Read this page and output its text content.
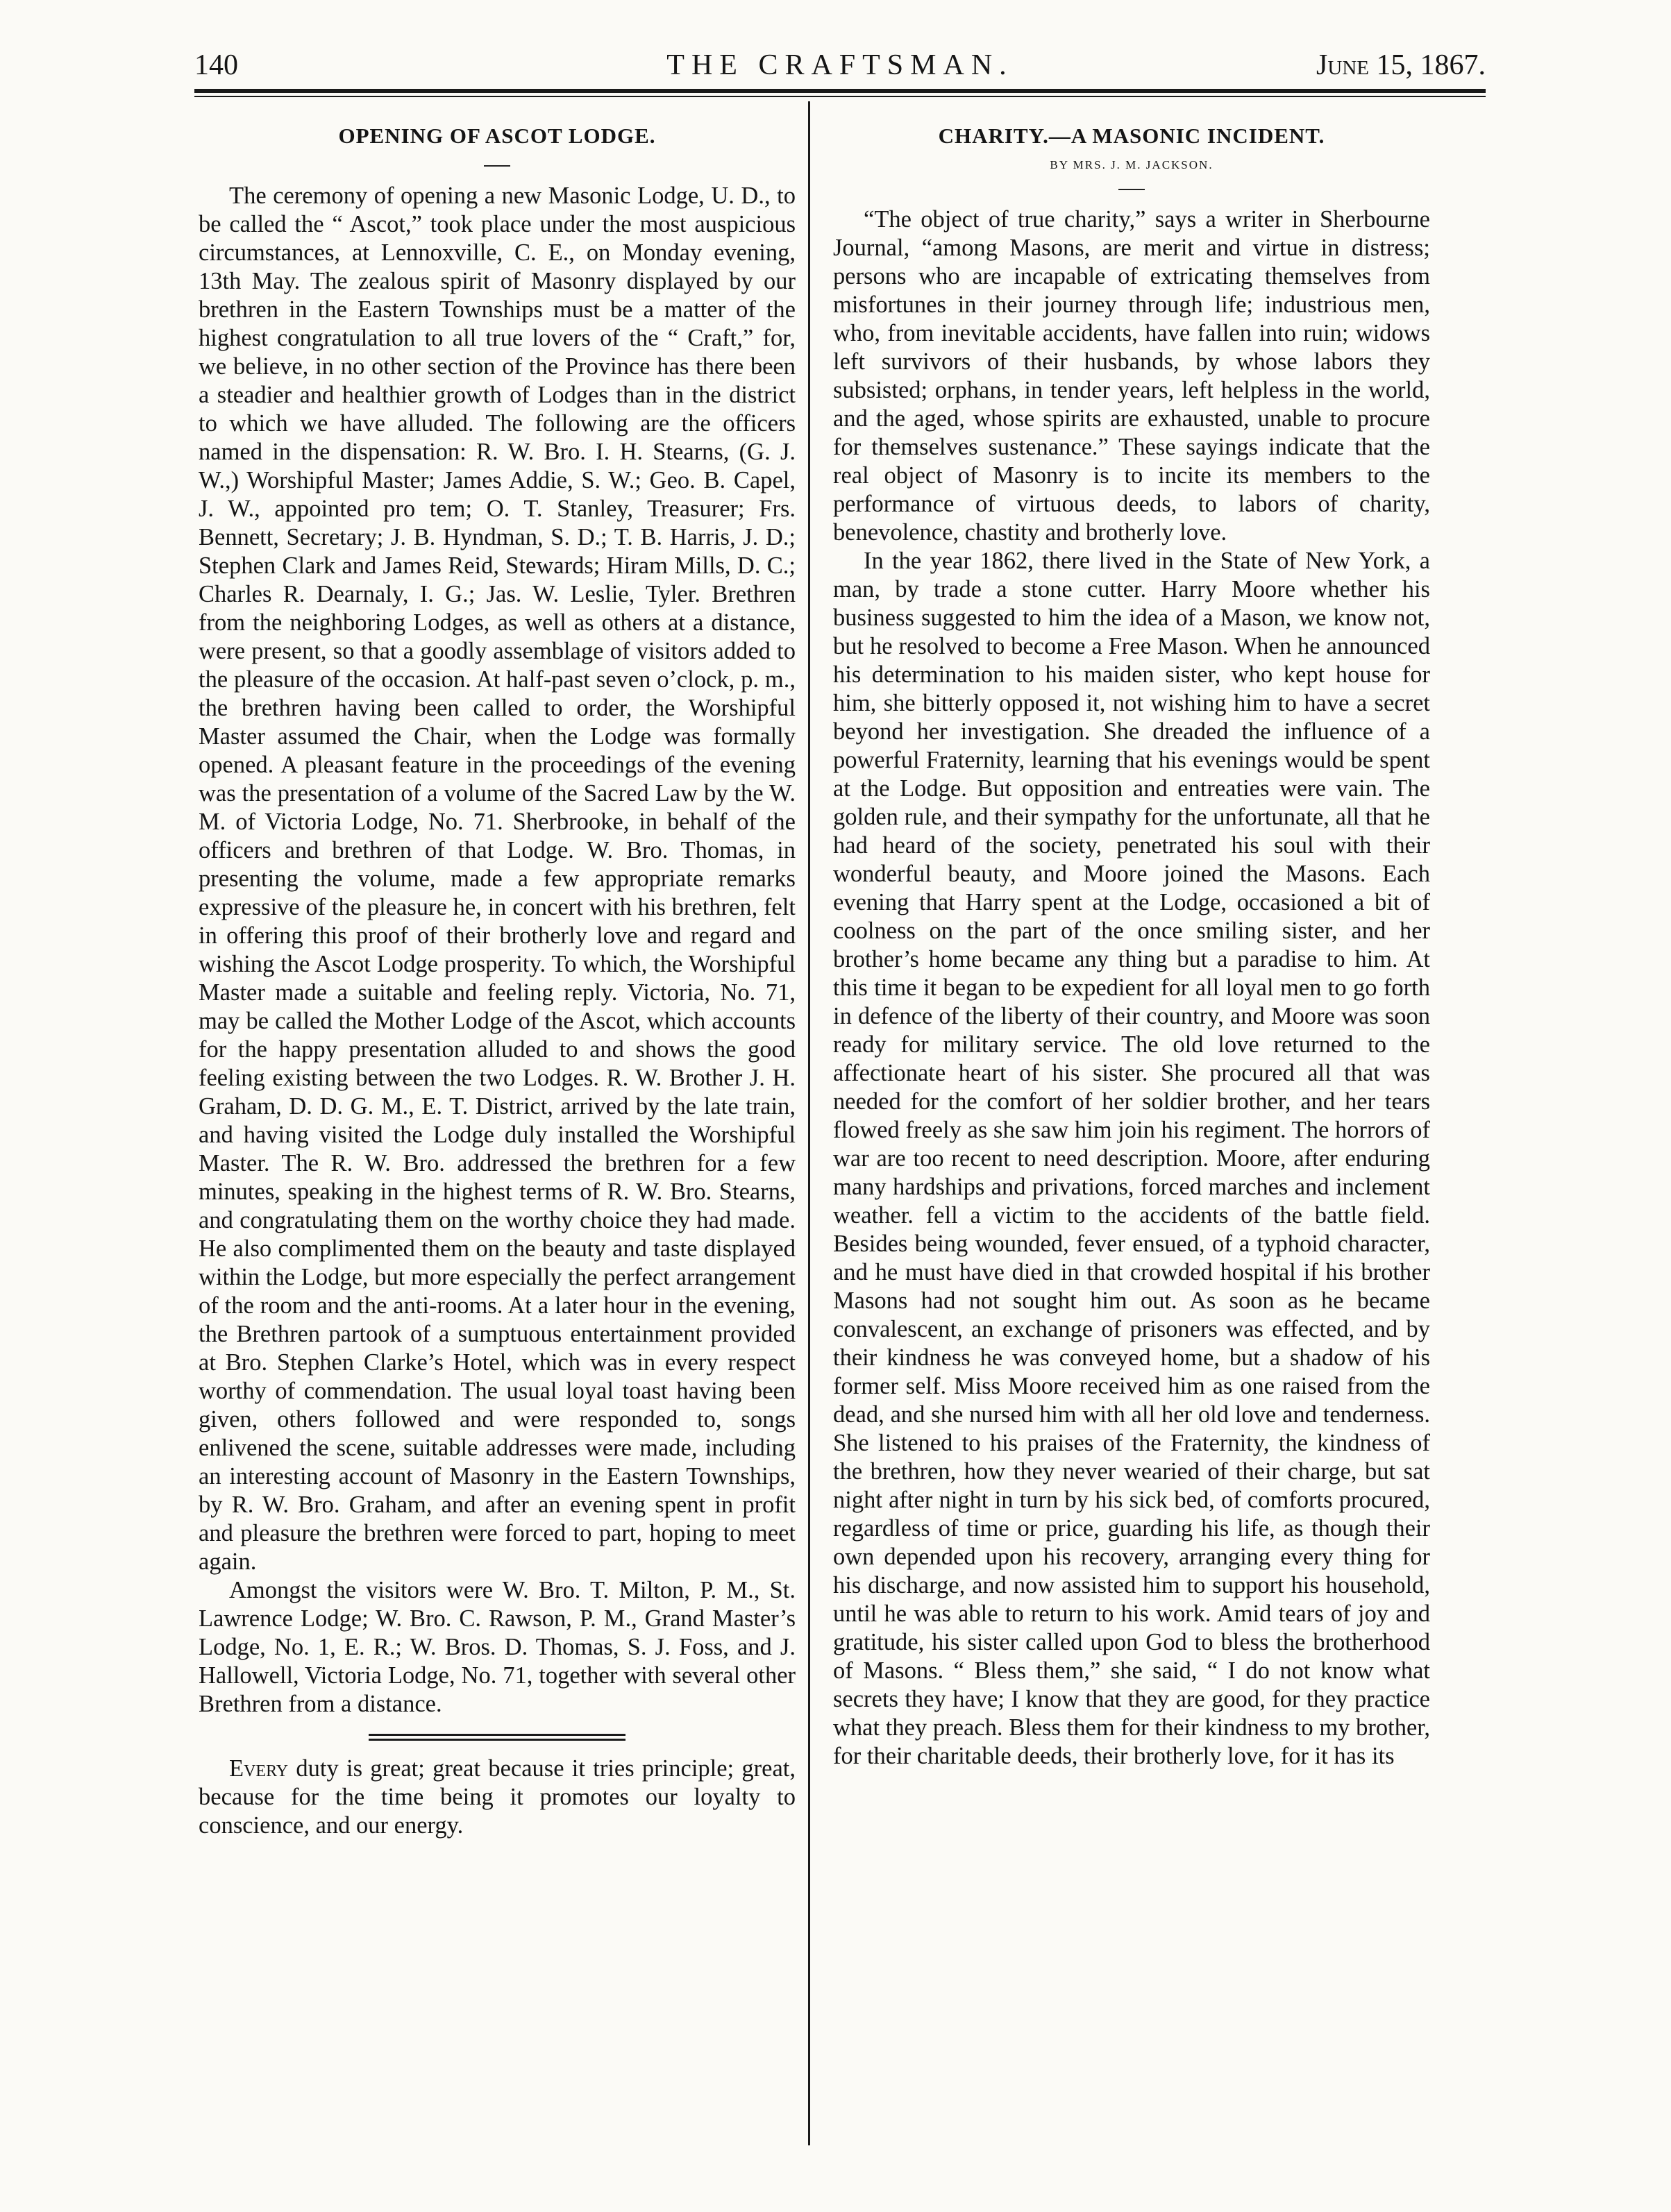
140	THE CRAFTSMAN.	June 15, 1867.
OPENING OF ASCOT LODGE.

The ceremony of opening a new Masonic Lodge, U. D., to be called the “ Ascot,” took place under the most auspicious circumstances, at Lennoxville, C. E., on Monday evening, 13th May. The zealous spirit of Masonry displayed by our brethren in the Eastern Townships must be a matter of the highest congratulation to all true lovers of the “ Craft,” for, we believe, in no other section of the Province has there been a steadier and healthier growth of Lodges than in the district to which we have alluded. The following are the officers named in the dispensation: R. W. Bro. I. H. Stearns, (G. J. W.,) Worshipful Master; James Addie, S. W.; Geo. B. Capel, J. W., appointed pro tem; O. T. Stanley, Treasurer; Frs. Bennett, Secretary; J. B. Hyndman, S. D.; T. B. Harris, J. D.; Stephen Clark and James Reid, Stewards; Hiram Mills, D. C.; Charles R. Dearnaly, I. G.; Jas. W. Leslie, Tyler. Brethren from the neighboring Lodges, as well as others at a distance, were present, so that a goodly assemblage of visitors added to the pleasure of the occasion. At half-past seven o’clock, p. m., the brethren having been called to order, the Worshipful Master assumed the Chair, when the Lodge was formally opened. A pleasant feature in the proceedings of the evening was the presentation of a volume of the Sacred Law by the W. M. of Victoria Lodge, No. 71. Sherbrooke, in behalf of the officers and brethren of that Lodge. W. Bro. Thomas, in presenting the volume, made a few appropriate remarks expressive of the pleasure he, in concert with his brethren, felt in offering this proof of their brotherly love and regard and wishing the Ascot Lodge prosperity. To which, the Worshipful Master made a suitable and feeling reply. Victoria, No. 71, may be called the Mother Lodge of the Ascot, which accounts for the happy presentation alluded to and shows the good feeling existing between the two Lodges. R. W. Brother J. H. Graham, D. D. G. M., E. T. District, arrived by the late train, and having visited the Lodge duly installed the Worshipful Master. The R. W. Bro. addressed the brethren for a few minutes, speaking in the highest terms of R. W. Bro. Stearns, and congratulating them on the worthy choice they had made. He also complimented them on the beauty and taste displayed within the Lodge, but more especially the perfect arrangement of the room and the anti-rooms. At a later hour in the evening, the Brethren partook of a sumptuous entertainment provided at Bro. Stephen Clarke’s Hotel, which was in every respect worthy of commendation. The usual loyal toast having been given, others followed and were responded to, songs enlivened the scene, suitable addresses were made, including an interesting account of Masonry in the Eastern Townships, by R. W. Bro. Graham, and after an evening spent in profit and pleasure the brethren were forced to part, hoping to meet again.

Amongst the visitors were W. Bro. T. Milton, P. M., St. Lawrence Lodge; W. Bro. C. Rawson, P. M., Grand Master’s Lodge, No. 1, E. R.; W. Bros. D. Thomas, S. J. Foss, and J. Hallowell, Victoria Lodge, No. 71, together with several other Brethren from a distance.

Every duty is great; great because it tries principle; great, because for the time being it promotes our loyalty to conscience, and our energy.

CHARITY.—A MASONIC INCIDENT.
BY MRS. J. M. JACKSON.

“The object of true charity,” says a writer in Sherbourne Journal, “among Masons, are merit and virtue in distress; persons who are incapable of extricating themselves from misfortunes in their journey through life; industrious men, who, from inevitable accidents, have fallen into ruin; widows left survivors of their husbands, by whose labors they subsisted; orphans, in tender years, left helpless in the world, and the aged, whose spirits are exhausted, unable to procure for themselves sustenance.” These sayings indicate that the real object of Masonry is to incite its members to the performance of virtuous deeds, to labors of charity, benevolence, chastity and brotherly love.

In the year 1862, there lived in the State of New York, a man, by trade a stone cutter. Harry Moore whether his business suggested to him the idea of a Mason, we know not, but he resolved to become a Free Mason. When he announced his determination to his maiden sister, who kept house for him, she bitterly opposed it, not wishing him to have a secret beyond her investigation. She dreaded the influence of a powerful Fraternity, learning that his evenings would be spent at the Lodge. But opposition and entreaties were vain. The golden rule, and their sympathy for the unfortunate, all that he had heard of the society, penetrated his soul with their wonderful beauty, and Moore joined the Masons. Each evening that Harry spent at the Lodge, occasioned a bit of coolness on the part of the once smiling sister, and her brother’s home became any thing but a paradise to him. At this time it began to be expedient for all loyal men to go forth in defence of the liberty of their country, and Moore was soon ready for military service. The old love returned to the affectionate heart of his sister. She procured all that was needed for the comfort of her soldier brother, and her tears flowed freely as she saw him join his regiment. The horrors of war are too recent to need description. Moore, after enduring many hardships and privations, forced marches and inclement weather. fell a victim to the accidents of the battle field. Besides being wounded, fever ensued, of a typhoid character, and he must have died in that crowded hospital if his brother Masons had not sought him out. As soon as he became convalescent, an exchange of prisoners was effected, and by their kindness he was conveyed home, but a shadow of his former self. Miss Moore received him as one raised from the dead, and she nursed him with all her old love and tenderness. She listened to his praises of the Fraternity, the kindness of the brethren, how they never wearied of their charge, but sat night after night in turn by his sick bed, of comforts procured, regardless of time or price, guarding his life, as though their own depended upon his recovery, arranging every thing for his discharge, and now assisted him to support his household, until he was able to return to his work. Amid tears of joy and gratitude, his sister called upon God to bless the brotherhood of Masons. “ Bless them,” she said, “ I do not know what secrets they have; I know that they are good, for they practice what they preach. Bless them for their kindness to my brother, for their charitable deeds, their brotherly love, for it has its
